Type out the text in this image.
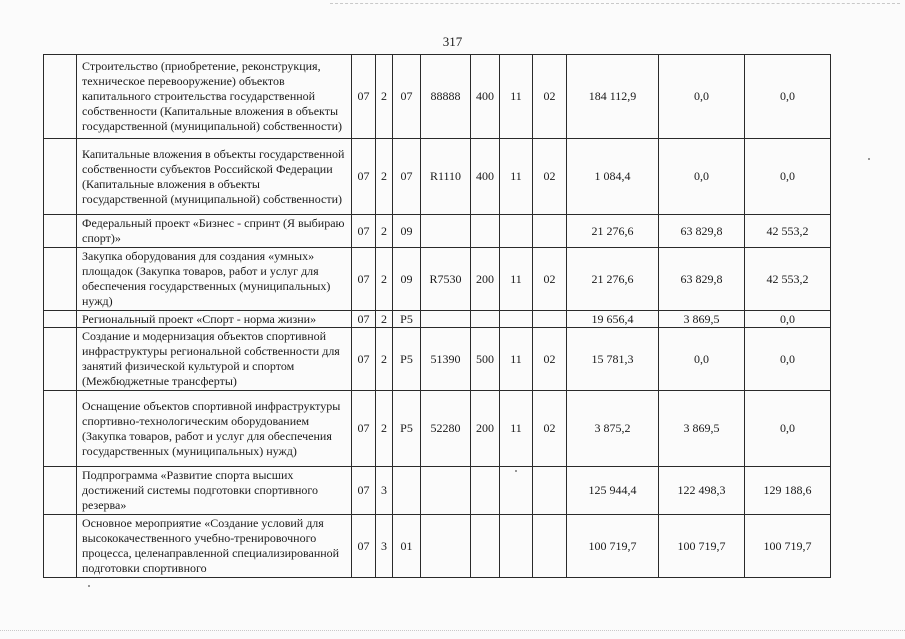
317
	Строительство (приобретение, реконструкция, техническое перевооружение) объектов капитального строительства государственной собственности (Капитальные вложения в объекты государственной (муниципальной) собственности)	07	2	07	88888	400	11	02	184 112,9	0,0	0,0
	Капитальные вложения в объекты государственной собственности субъектов Российской Федерации (Капитальные вложения в объекты государственной (муниципальной) собственности)	07	2	07	R1110	400	11	02	1 084,4	0,0	0,0
	Федеральный проект «Бизнес - спринт (Я выбираю спорт)»	07	2	09					21 276,6	63 829,8	42 553,2
	Закупка оборудования для создания «умных» площадок (Закупка товаров, работ и услуг для обеспечения государственных (муниципальных) нужд)	07	2	09	R7530	200	11	02	21 276,6	63 829,8	42 553,2
	Региональный проект «Спорт - норма жизни»	07	2	P5					19 656,4	3 869,5	0,0
	Создание и модернизация объектов спортивной инфраструктуры региональной собственности для занятий физической культурой и спортом (Межбюджетные трансферты)	07	2	P5	51390	500	11	02	15 781,3	0,0	0,0
	Оснащение объектов спортивной инфраструктуры спортивно-технологическим оборудованием (Закупка товаров, работ и услуг для обеспечения государственных (муниципальных) нужд)	07	2	P5	52280	200	11	02	3 875,2	3 869,5	0,0
	Подпрограмма «Развитие спорта высших достижений системы подготовки спортивного резерва»	07	3						125 944,4	122 498,3	129 188,6
	Основное мероприятие «Создание условий для высококачественного учебно-тренировочного процесса, целенаправленной специализированной подготовки спортивного	07	3	01					100 719,7	100 719,7	100 719,7
